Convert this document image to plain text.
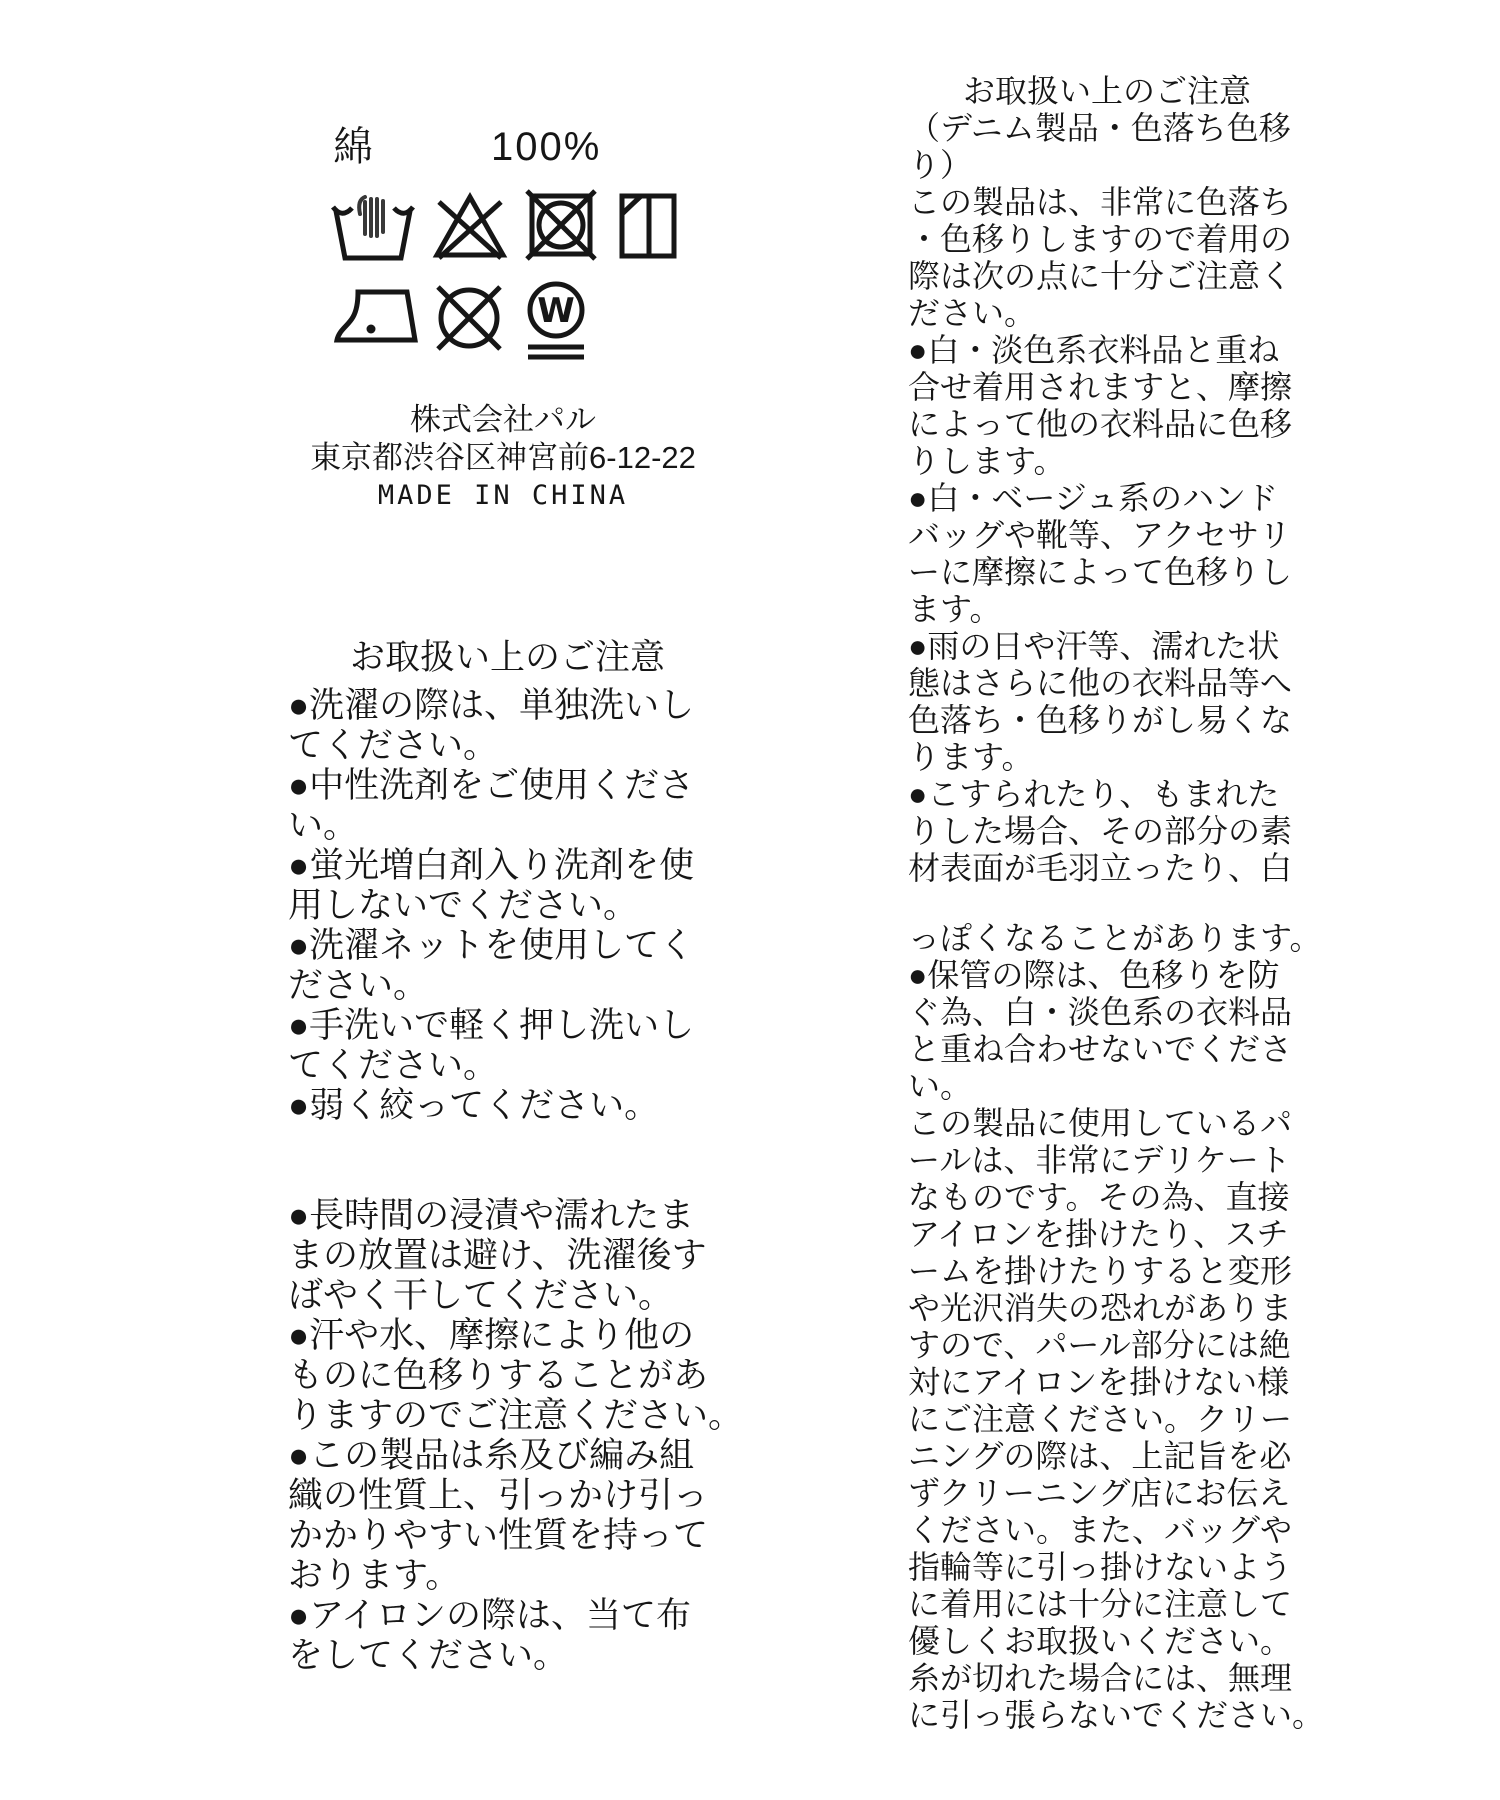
綿	100%
W
株式会社パル
東京都渋谷区神宮前6-12-22
MADE IN CHINA
お取扱い上のご注意
●洗濯の際は、単独洗いし
てください。
●中性洗剤をご使用くださ
い。
●蛍光増白剤入り洗剤を使
用しないでください。
●洗濯ネットを使用してく
ださい。
●手洗いで軽く押し洗いし
てください。
●弱く絞ってください。

●長時間の浸漬や濡れたま
まの放置は避け、洗濯後す
ばやく干してください。
●汗や水、摩擦により他の
ものに色移りすることがあ
りますのでご注意ください。
●この製品は糸及び編み組
織の性質上、引っかけ引っ
かかりやすい性質を持って
おります。
●アイロンの際は、当て布
をしてください。
お取扱い上のご注意
（デニム製品・色落ち色移
り）
この製品は、非常に色落ち
・色移りしますので着用の
際は次の点に十分ご注意く
ださい。
●白・淡色系衣料品と重ね
合せ着用されますと、摩擦
によって他の衣料品に色移
りします。
●白・ベージュ系のハンド
バッグや靴等、アクセサリ
ーに摩擦によって色移りし
ます。
●雨の日や汗等、濡れた状
態はさらに他の衣料品等へ
色落ち・色移りがし易くな
ります。
●こすられたり、もまれた
りした場合、その部分の素
材表面が毛羽立ったり、白

っぽくなることがあります。
●保管の際は、色移りを防
ぐ為、白・淡色系の衣料品
と重ね合わせないでくださ
い。
この製品に使用しているパ
ールは、非常にデリケート
なものです。その為、直接
アイロンを掛けたり、スチ
ームを掛けたりすると変形
や光沢消失の恐れがありま
すので、パール部分には絶
対にアイロンを掛けない様
にご注意ください。クリー
ニングの際は、上記旨を必
ずクリーニング店にお伝え
ください。また、バッグや
指輪等に引っ掛けないよう
に着用には十分に注意して
優しくお取扱いください。
糸が切れた場合には、無理
に引っ張らないでください。
